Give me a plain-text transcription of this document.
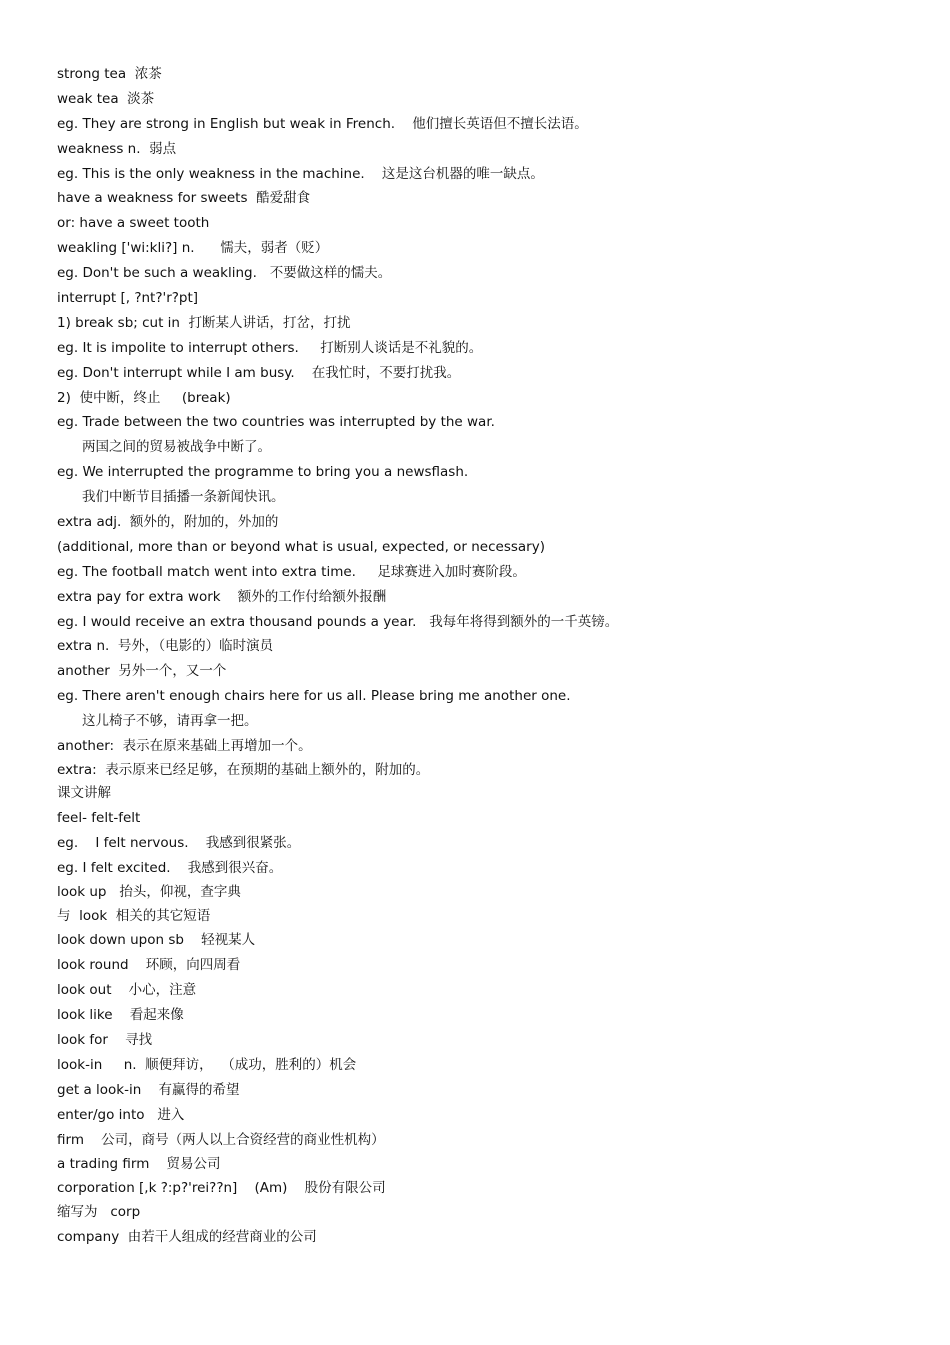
strong tea  浓茶
weak tea  淡茶
eg. They are strong in English but weak in French.    他们擅长英语但不擅长法语。
weakness n.  弱点
eg. This is the only weakness in the machine.    这是这台机器的唯一缺点。
have a weakness for sweets  酷爱甜食
or: have a sweet tooth
weakling ['wi:kli?] n.      懦夫，弱者（贬）
eg. Don't be such a weakling.   不要做这样的懦夫。
interrupt [, ?nt?'r?pt]
1) break sb; cut in  打断某人讲话，打岔，打扰
eg. It is impolite to interrupt others.     打断别人谈话是不礼貌的。
eg. Don't interrupt while I am busy.    在我忙时，不要打扰我。
2)  使中断，终止     (break)
eg. Trade between the two countries was interrupted by the war.
两国之间的贸易被战争中断了。
eg. We interrupted the programme to bring you a newsflash.
我们中断节目插播一条新闻快讯。
extra adj.  额外的，附加的，外加的
(additional, more than or beyond what is usual, expected, or necessary)
eg. The football match went into extra time.     足球赛进入加时赛阶段。
extra pay for extra work    额外的工作付给额外报酬
eg. I would receive an extra thousand pounds a year.   我每年将得到额外的一千英镑。
extra n.  号外，（电影的）临时演员
another  另外一个，又一个
eg. There aren't enough chairs here for us all. Please bring me another one.
这儿椅子不够，请再拿一把。
another:  表示在原来基础上再增加一个。
extra:  表示原来已经足够，在预期的基础上额外的，附加的。
课文讲解
feel- felt-felt
eg.    I felt nervous.    我感到很紧张。
eg. I felt excited.    我感到很兴奋。
look up   抬头，仰视，查字典
与  look  相关的其它短语
look down upon sb    轻视某人
look round    环顾，向四周看
look out    小心，注意
look like    看起来像
look for    寻找
look-in     n.  顺便拜访，  （成功，胜利的）机会
get a look-in    有赢得的希望
enter/go into   进入
firm    公司，商号（两人以上合资经营的商业性机构）
a trading firm    贸易公司
corporation [,k ?:p?'rei??n]    (Am)    股份有限公司
缩写为   corp
company  由若干人组成的经营商业的公司
